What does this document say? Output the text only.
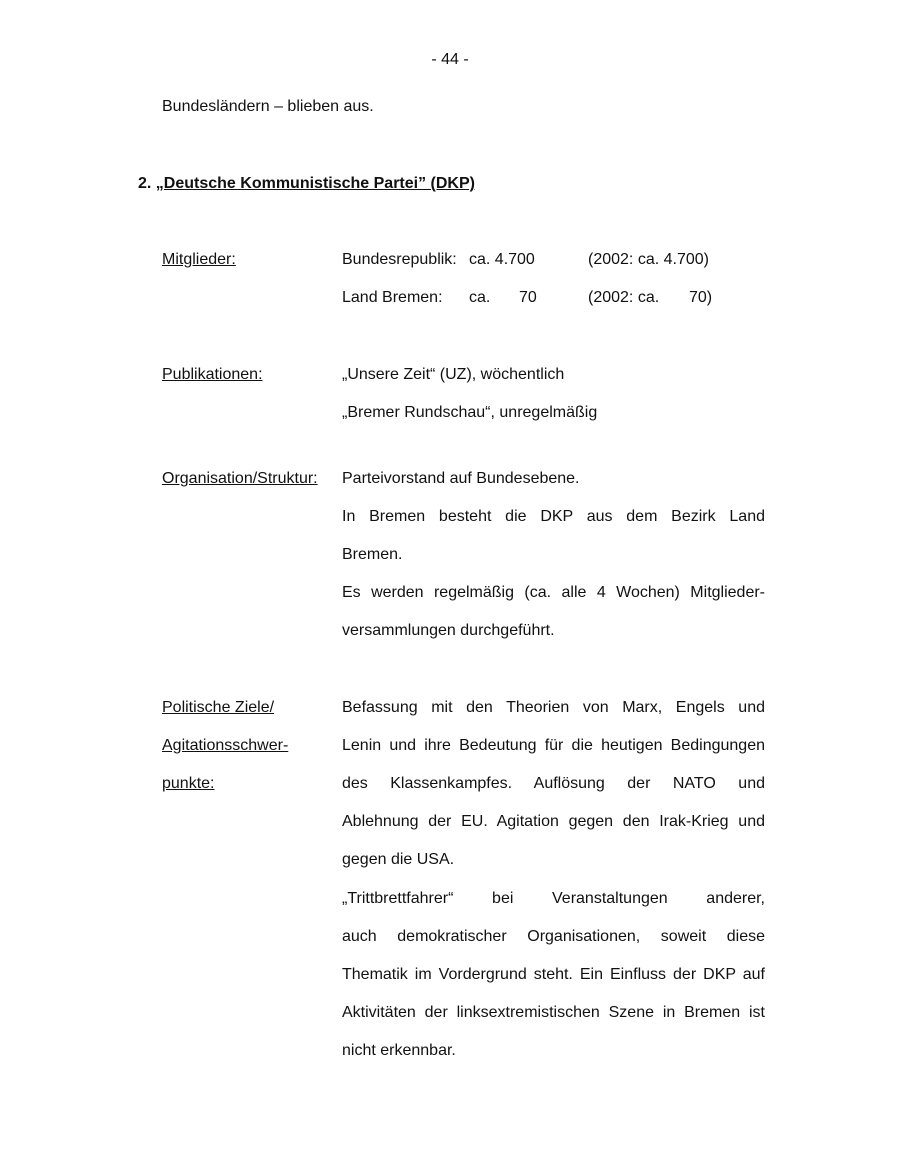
- 44 -
Bundesländern – blieben aus.
2. „Deutsche Kommunistische Partei” (DKP)
Mitglieder:	Bundesrepublik: ca. 4.700	(2002: ca. 4.700)
Land Bremen: ca. 70	(2002: ca. 70)
Publikationen:	„Unsere Zeit“ (UZ), wöchentlich
„Bremer Rundschau“, unregelmäßig
Organisation/Struktur: Parteivorstand auf Bundesebene.
In Bremen besteht die DKP aus dem Bezirk Land
Bremen.
Es werden regelmäßig (ca. alle 4 Wochen) Mitglieder-
versammlungen durchgeführt.
Politische Ziele/
Agitationsschwer-
punkte:
Befassung mit den Theorien von Marx, Engels und
Lenin und ihre Bedeutung für die heutigen Bedingungen
des Klassenkampfes. Auflösung der NATO und
Ablehnung der EU. Agitation gegen den Irak-Krieg und
gegen die USA.
„Trittbrettfahrer“ bei Veranstaltungen anderer,
auch demokratischer Organisationen, soweit diese
Thematik im Vordergrund steht. Ein Einfluss der DKP auf
Aktivitäten der linksextremistischen Szene in Bremen ist
nicht erkennbar.
